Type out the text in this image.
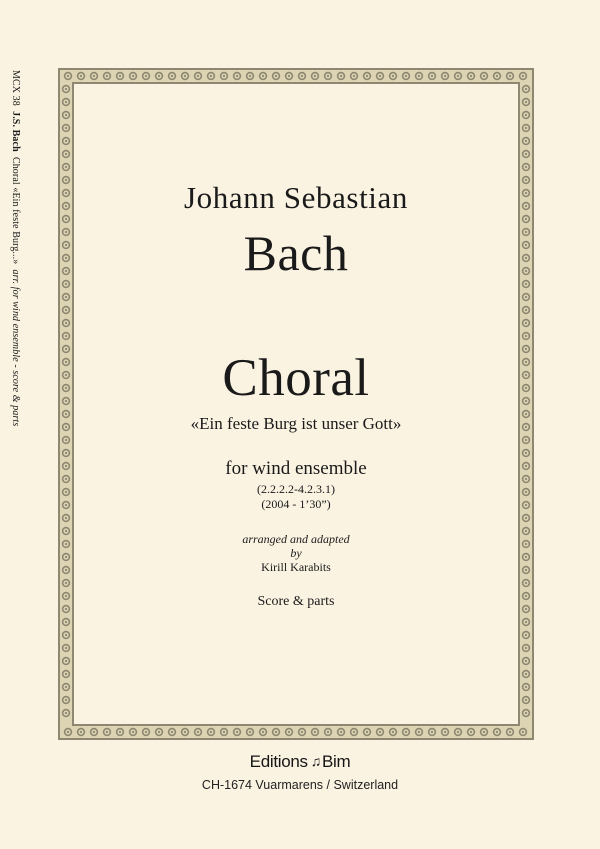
MCX 38  J.S. Bach  Choral «Ein feste Burg...»  arr. for wind ensemble - score & parts
Johann Sebastian
Bach
Choral
«Ein feste Burg ist unser Gott»
for wind ensemble
(2.2.2.2-4.2.3.1)
(2004 - 1’30”)
arranged and adapted
by
Kirill Karabits
Score & parts
Editions ♫Bim
CH-1674 Vuarmarens / Switzerland
